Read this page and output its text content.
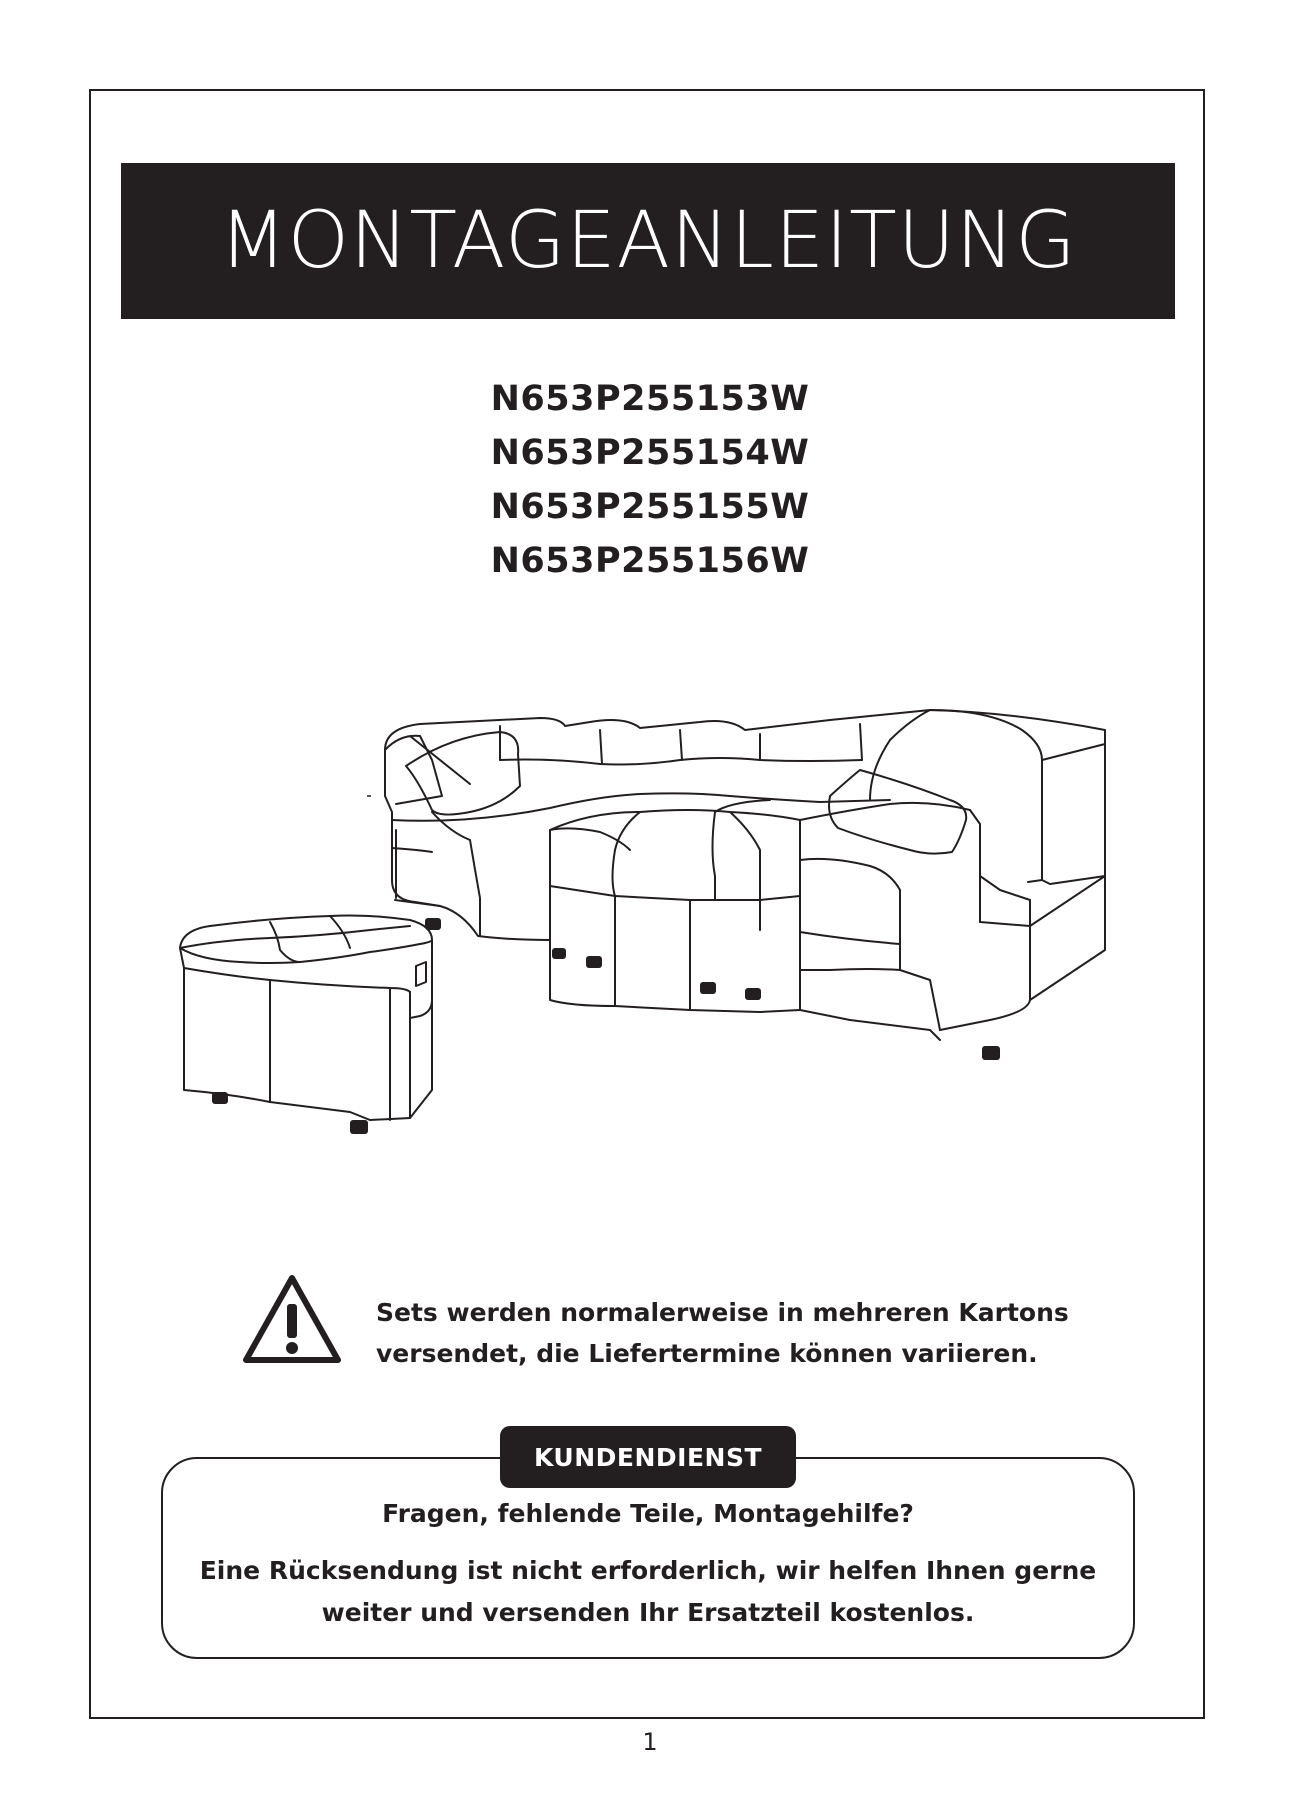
MONTAGEANLEITUNG
N653P255153W
N653P255154W
N653P255155W
N653P255156W
Sets werden normalerweise in mehreren Kartons
versendet, die Liefertermine können variieren.
KUNDENDIENST
Fragen, fehlende Teile, Montagehilfe?
Eine Rücksendung ist nicht erforderlich, wir helfen Ihnen gerne
weiter und versenden Ihr Ersatzteil kostenlos.
1
